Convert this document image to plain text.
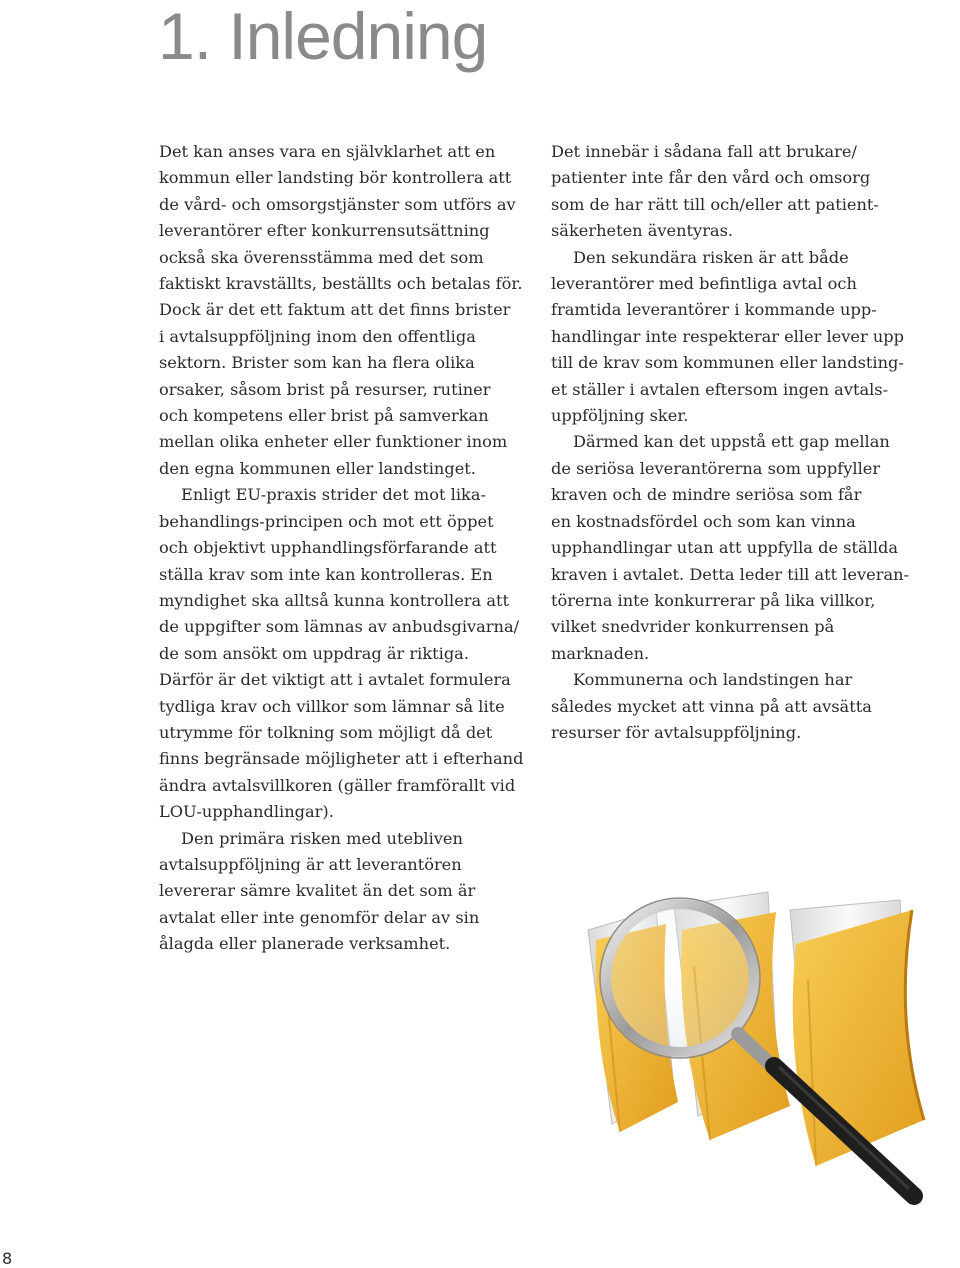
1. Inledning

Det kan anses vara en självklarhet att en

kommun eller landsting bör kontrollera att

de vård- och omsorgstjänster som utförs av

leverantörer efter konkurrensutsättning

också ska överensstämma med det som

faktiskt kravställts, beställts och betalas för.

Dock är det ett faktum att det finns brister

i avtalsuppföljning inom den offentliga

sektorn. Brister som kan ha flera olika

orsaker, såsom brist på resurser, rutiner

och kompetens eller brist på samverkan

mellan olika enheter eller funktioner inom

den egna kommunen eller landstinget.

Enligt EU-praxis strider det mot lika-

behandlings-principen och mot ett öppet

och objektivt upphandlingsförfarande att

ställa krav som inte kan kontrolleras. En

myndighet ska alltså kunna kontrollera att

de uppgifter som lämnas av anbudsgivarna/

de som ansökt om uppdrag är riktiga.

Därför är det viktigt att i avtalet formulera

tydliga krav och villkor som lämnar så lite

utrymme för tolkning som möjligt då det

finns begränsade möjligheter att i efterhand

ändra avtalsvillkoren (gäller framförallt vid

LOU-upphandlingar).

Den primära risken med utebliven

avtalsuppföljning är att leverantören

levererar sämre kvalitet än det som är

avtalat eller inte genomför delar av sin

ålagda eller planerade verksamhet.

Det innebär i sådana fall att brukare/

patienter inte får den vård och omsorg

som de har rätt till och/eller att patient-

säkerheten äventyras.

Den sekundära risken är att både

leverantörer med befintliga avtal och

framtida leverantörer i kommande upp-

handlingar inte respekterar eller lever upp

till de krav som kommunen eller landsting-

et ställer i avtalen eftersom ingen avtals-

uppföljning sker.

Därmed kan det uppstå ett gap mellan

de seriösa leverantörerna som uppfyller

kraven och de mindre seriösa som får

en kostnadsfördel och som kan vinna

upphandlingar utan att uppfylla de ställda

kraven i avtalet. Detta leder till att leveran-

törerna inte konkurrerar på lika villkor,

vilket snedvrider konkurrensen på

marknaden.

Kommunerna och landstingen har

således mycket att vinna på att avsätta

resurser för avtalsuppföljning.

8
